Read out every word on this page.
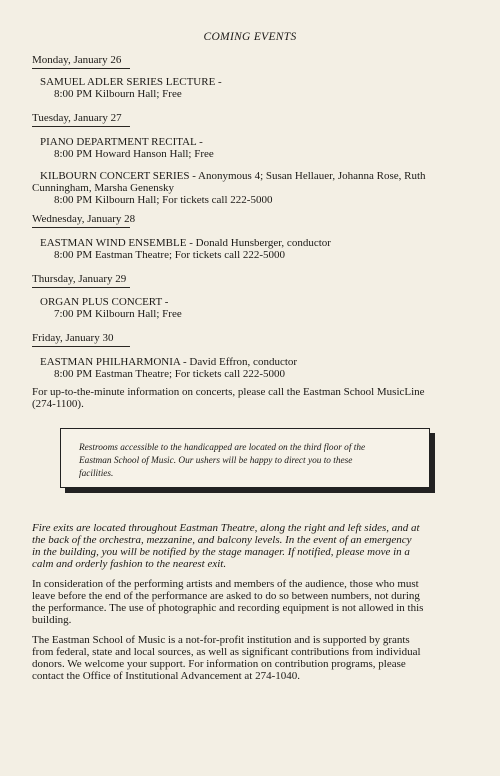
COMING EVENTS
Monday, January 26
SAMUEL ADLER SERIES LECTURE -
8:00 PM Kilbourn Hall; Free
Tuesday, January 27
PIANO DEPARTMENT RECITAL -
8:00 PM Howard Hanson Hall; Free
KILBOURN CONCERT SERIES - Anonymous 4; Susan Hellauer, Johanna Rose, Ruth
Cunningham, Marsha Genensky
8:00 PM Kilbourn Hall; For tickets call 222-5000
Wednesday, January 28
EASTMAN WIND ENSEMBLE - Donald Hunsberger, conductor
8:00 PM Eastman Theatre; For tickets call 222-5000
Thursday, January 29
ORGAN PLUS CONCERT -
7:00 PM Kilbourn Hall; Free
Friday, January 30
EASTMAN PHILHARMONIA - David Effron, conductor
8:00 PM Eastman Theatre; For tickets call 222-5000
For up-to-the-minute information on concerts, please call the Eastman School MusicLine
(274-1100).
Restrooms accessible to the handicapped are located on the third floor of the
Eastman School of Music. Our ushers will be happy to direct you to these
facilities.
Fire exits are located throughout Eastman Theatre, along the right and left sides, and at
the back of the orchestra, mezzanine, and balcony levels. In the event of an emergency
in the building, you will be notified by the stage manager. If notified, please move in a
calm and orderly fashion to the nearest exit.
In consideration of the performing artists and members of the audience, those who must
leave before the end of the performance are asked to do so between numbers, not during
the performance. The use of photographic and recording equipment is not allowed in this
building.
The Eastman School of Music is a not-for-profit institution and is supported by grants
from federal, state and local sources, as well as significant contributions from individual
donors. We welcome your support. For information on contribution programs, please
contact the Office of Institutional Advancement at 274-1040.
